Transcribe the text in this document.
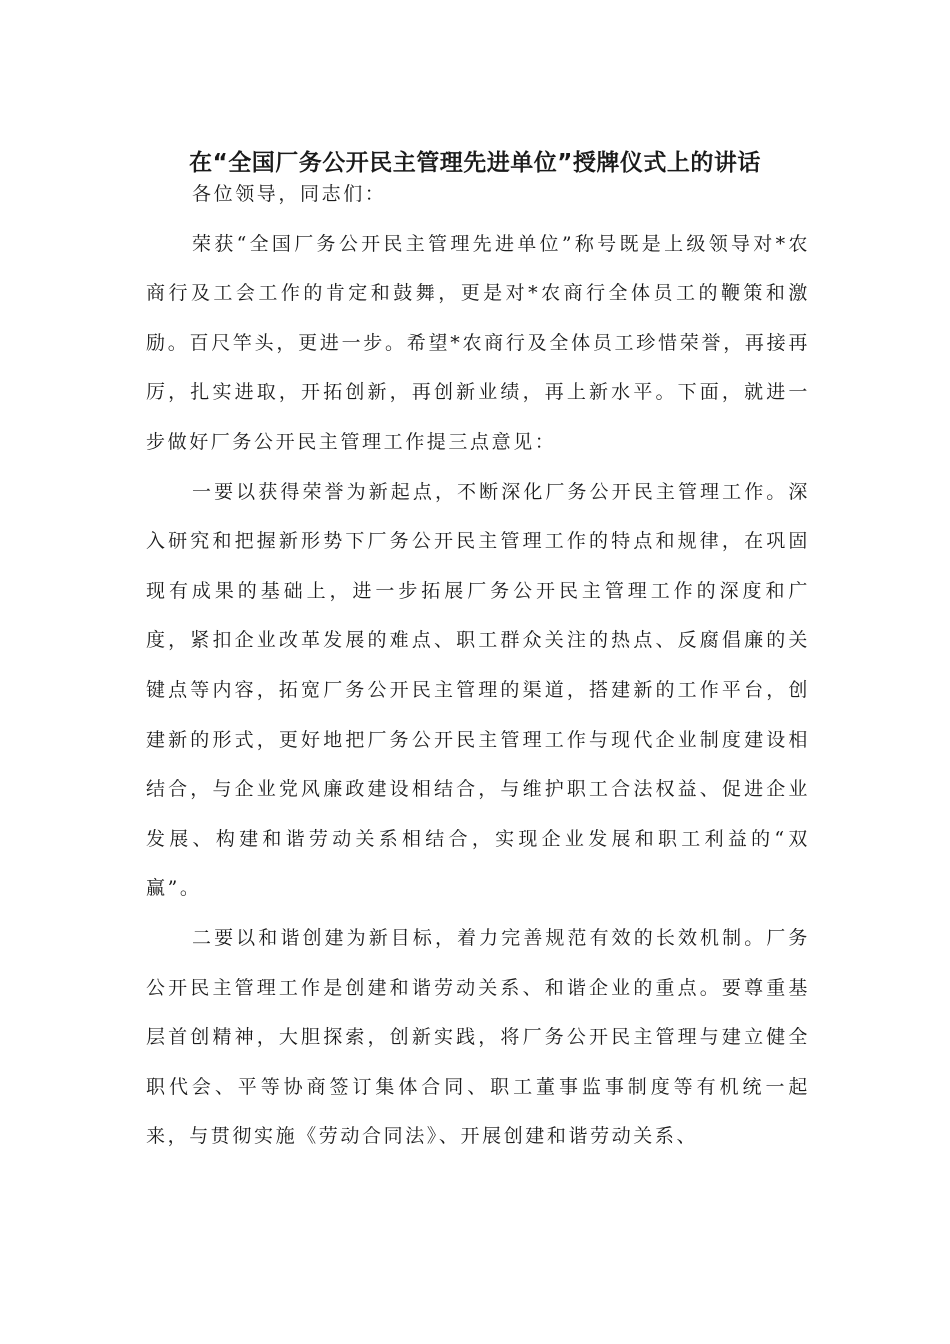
在“全国厂务公开民主管理先进单位”授牌仪式上的讲话

各位领导，同志们：

荣获“全国厂务公开民主管理先进单位”称号既是上级领导对*农商行及工会工作的肯定和鼓舞，更是对*农商行全体员工的鞭策和激励。百尺竿头，更进一步。希望*农商行及全体员工珍惜荣誉，再接再厉，扎实进取，开拓创新，再创新业绩，再上新水平。下面，就进一步做好厂务公开民主管理工作提三点意见：

一要以获得荣誉为新起点，不断深化厂务公开民主管理工作。深入研究和把握新形势下厂务公开民主管理工作的特点和规律，在巩固现有成果的基础上，进一步拓展厂务公开民主管理工作的深度和广度，紧扣企业改革发展的难点、职工群众关注的热点、反腐倡廉的关键点等内容，拓宽厂务公开民主管理的渠道，搭建新的工作平台，创建新的形式，更好地把厂务公开民主管理工作与现代企业制度建设相结合，与企业党风廉政建设相结合，与维护职工合法权益、促进企业发展、构建和谐劳动关系相结合，实现企业发展和职工利益的“双赢”。

二要以和谐创建为新目标，着力完善规范有效的长效机制。厂务公开民主管理工作是创建和谐劳动关系、和谐企业的重点。要尊重基层首创精神，大胆探索，创新实践，将厂务公开民主管理与建立健全职代会、平等协商签订集体合同、职工董事监事制度等有机统一起来，与贯彻实施《劳动合同法》、开展创建和谐劳动关系、
